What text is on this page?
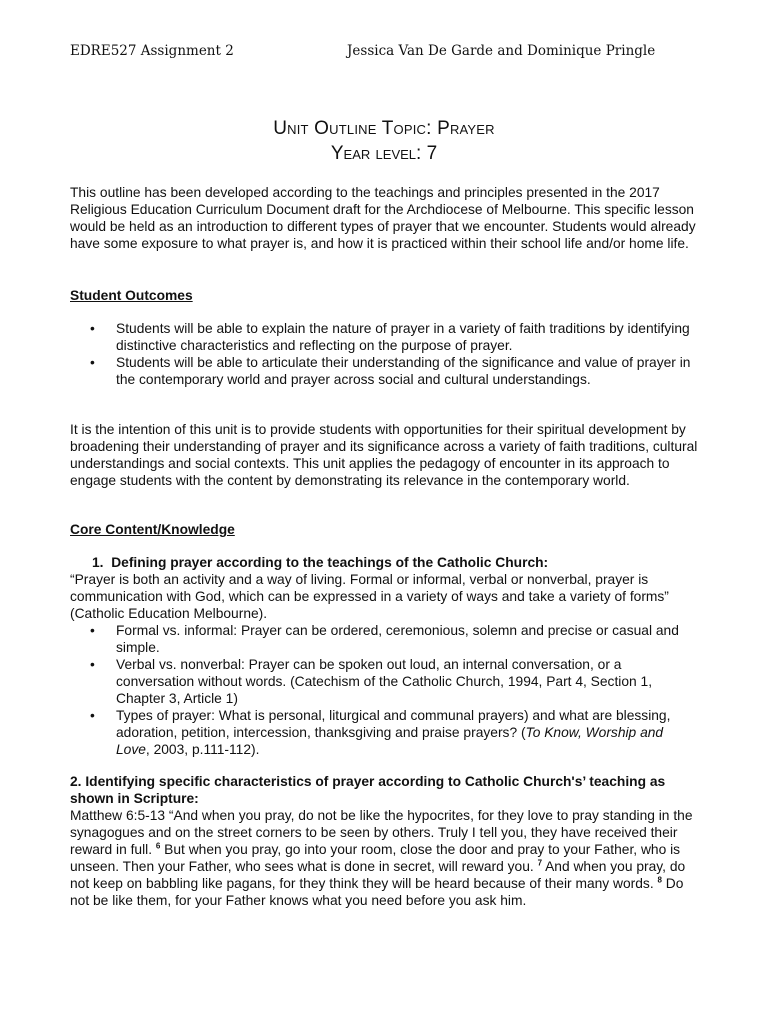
EDRE527 Assignment 2	Jessica Van De Garde and Dominique Pringle
Unit Outline Topic: Prayer
Year level: 7

This outline has been developed according to the teachings and principles presented in the 2017 Religious Education Curriculum Document draft for the Archdiocese of Melbourne. This specific lesson would be held as an introduction to different types of prayer that we encounter. Students would already have some exposure to what prayer is, and how it is practiced within their school life and/or home life.

Student Outcomes

• Students will be able to explain the nature of prayer in a variety of faith traditions by identifying distinctive characteristics and reflecting on the purpose of prayer.
• Students will be able to articulate their understanding of the significance and value of prayer in the contemporary world and prayer across social and cultural understandings.

It is the intention of this unit is to provide students with opportunities for their spiritual development by broadening their understanding of prayer and its significance across a variety of faith traditions, cultural understandings and social contexts. This unit applies the pedagogy of encounter in its approach to engage students with the content by demonstrating its relevance in the contemporary world.

Core Content/Knowledge

1. Defining prayer according to the teachings of the Catholic Church:

“Prayer is both an activity and a way of living. Formal or informal, verbal or nonverbal, prayer is communication with God, which can be expressed in a variety of ways and take a variety of forms” (Catholic Education Melbourne).

• Formal vs. informal: Prayer can be ordered, ceremonious, solemn and precise or casual and simple.
• Verbal vs. nonverbal: Prayer can be spoken out loud, an internal conversation, or a conversation without words. (Catechism of the Catholic Church, 1994, Part 4, Section 1, Chapter 3, Article 1)
• Types of prayer: What is personal, liturgical and communal prayers) and what are blessing, adoration, petition, intercession, thanksgiving and praise prayers? (To Know, Worship and Love, 2003, p.111-112).

2. Identifying specific characteristics of prayer according to Catholic Church's’ teaching as shown in Scripture:

Matthew 6:5-13 “And when you pray, do not be like the hypocrites, for they love to pray standing in the synagogues and on the street corners to be seen by others. Truly I tell you, they have received their reward in full. $^6$ But when you pray, go into your room, close the door and pray to your Father, who is unseen. Then your Father, who sees what is done in secret, will reward you. $^7$ And when you pray, do not keep on babbling like pagans, for they think they will be heard because of their many words. $^8$ Do not be like them, for your Father knows what you need before you ask him.
